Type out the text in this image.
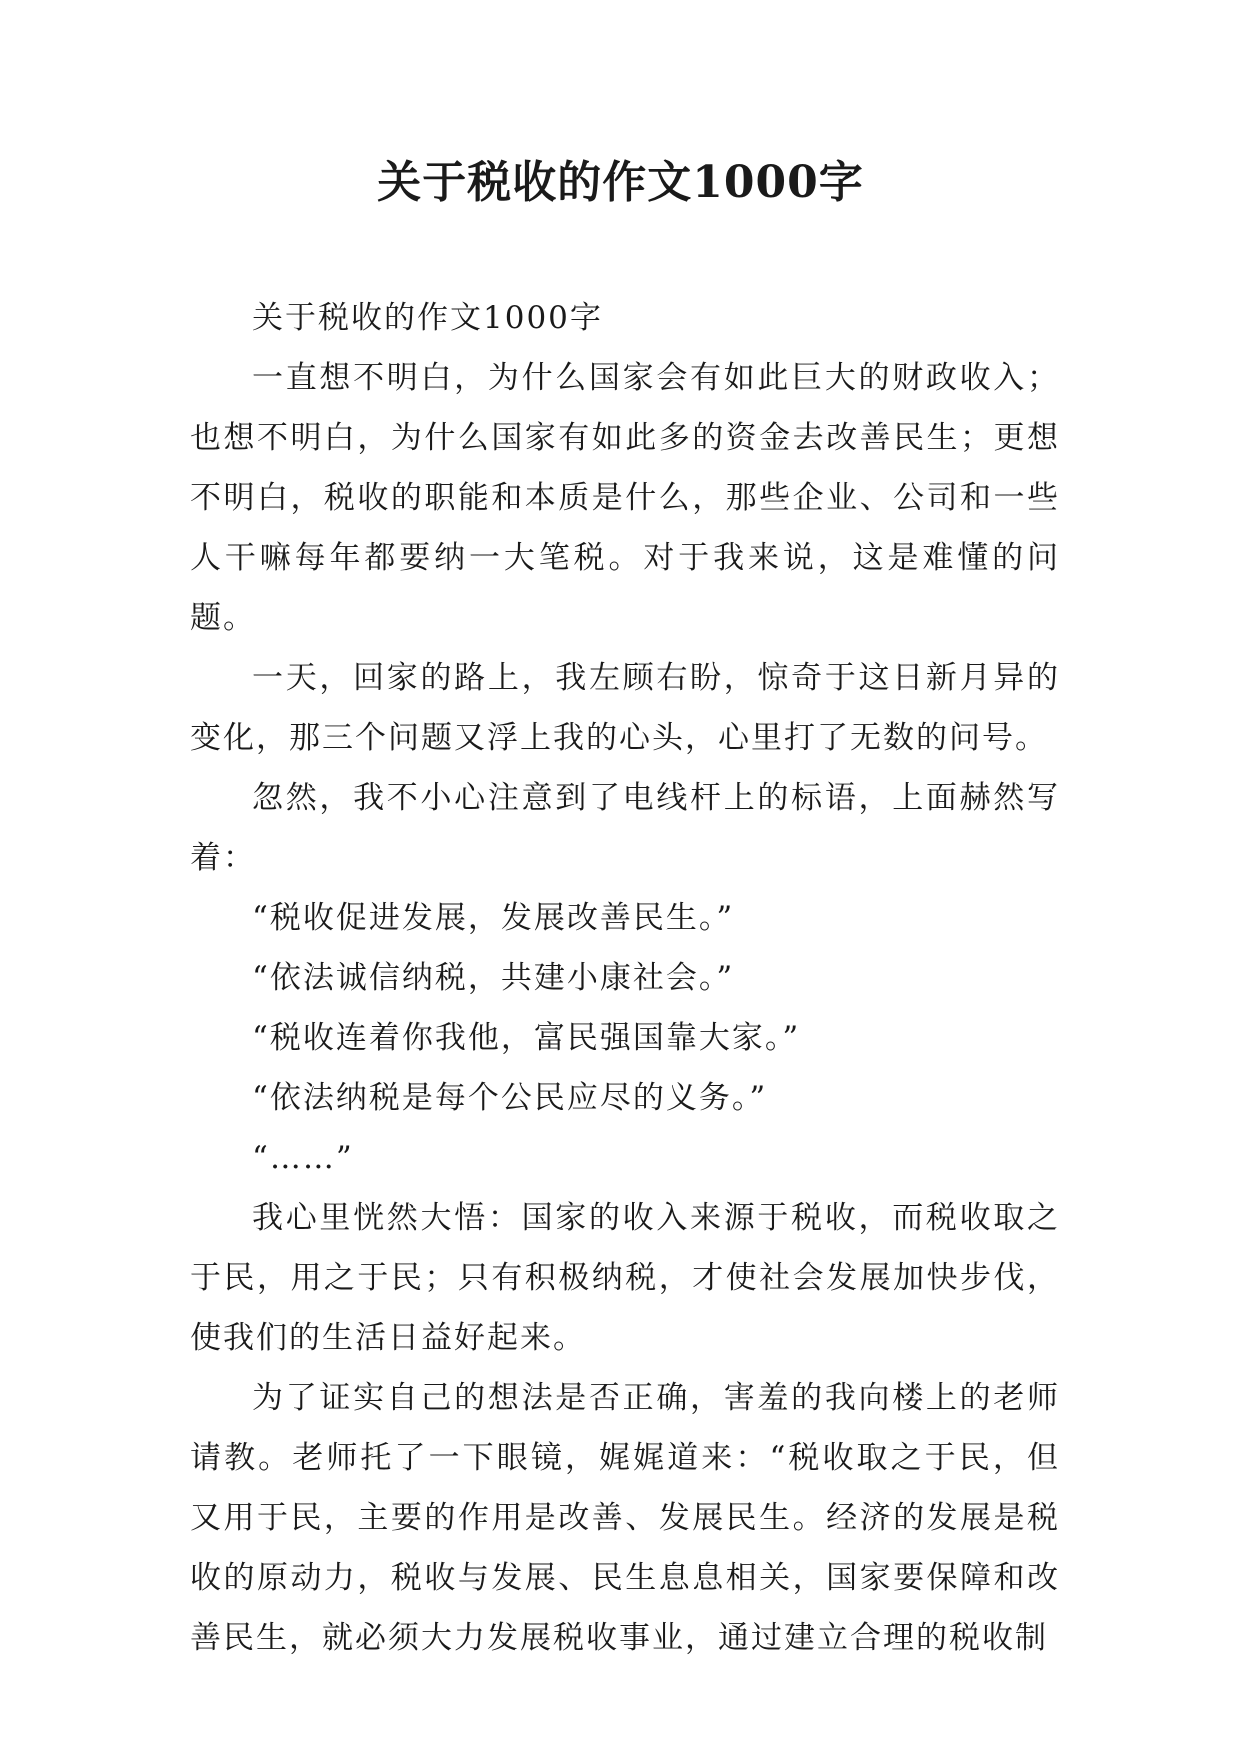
关于税收的作文1000字

关于税收的作文1000字

一直想不明白，为什么国家会有如此巨大的财政收入；也想不明白，为什么国家有如此多的资金去改善民生；更想不明白，税收的职能和本质是什么，那些企业、公司和一些人干嘛每年都要纳一大笔税。对于我来说，这是难懂的问题。

一天，回家的路上，我左顾右盼，惊奇于这日新月异的变化，那三个问题又浮上我的心头，心里打了无数的问号。

忽然，我不小心注意到了电线杆上的标语，上面赫然写着：

“税收促进发展，发展改善民生。”

“依法诚信纳税，共建小康社会。”

“税收连着你我他，富民强国靠大家。”

“依法纳税是每个公民应尽的义务。”

“……”

我心里恍然大悟：国家的收入来源于税收，而税收取之于民，用之于民；只有积极纳税，才使社会发展加快步伐，使我们的生活日益好起来。

为了证实自己的想法是否正确，害羞的我向楼上的老师请教。老师托了一下眼镜，娓娓道来：“税收取之于民，但又用于民，主要的作用是改善、发展民生。经济的发展是税收的原动力，税收与发展、民生息息相关，国家要保障和改善民生，就必须大力发展税收事业，通过建立合理的税收制
